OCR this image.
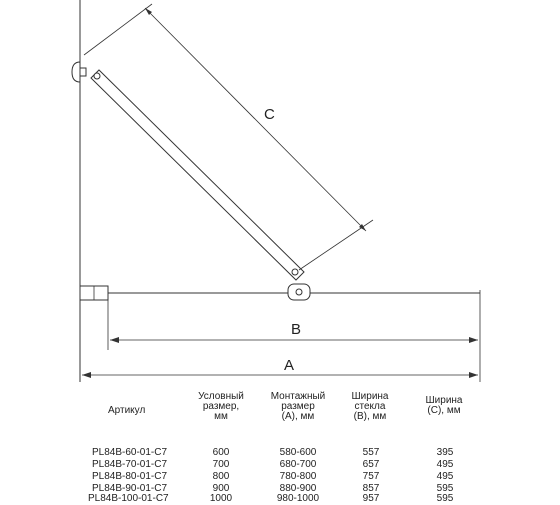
C
B
A
Артикул
Условный
размер,
мм
Монтажный
размер
(А), мм
Ширина
стекла
(В), мм
Ширина
(С), мм
PL84B-60-01-C7	600	580-600	557	395
PL84B-70-01-C7	700	680-700	657	495
PL84B-80-01-C7	800	780-800	757	495
PL84B-90-01-C7	900	880-900	857	595
PL84B-100-01-C7	1000	980-1000	957	595
